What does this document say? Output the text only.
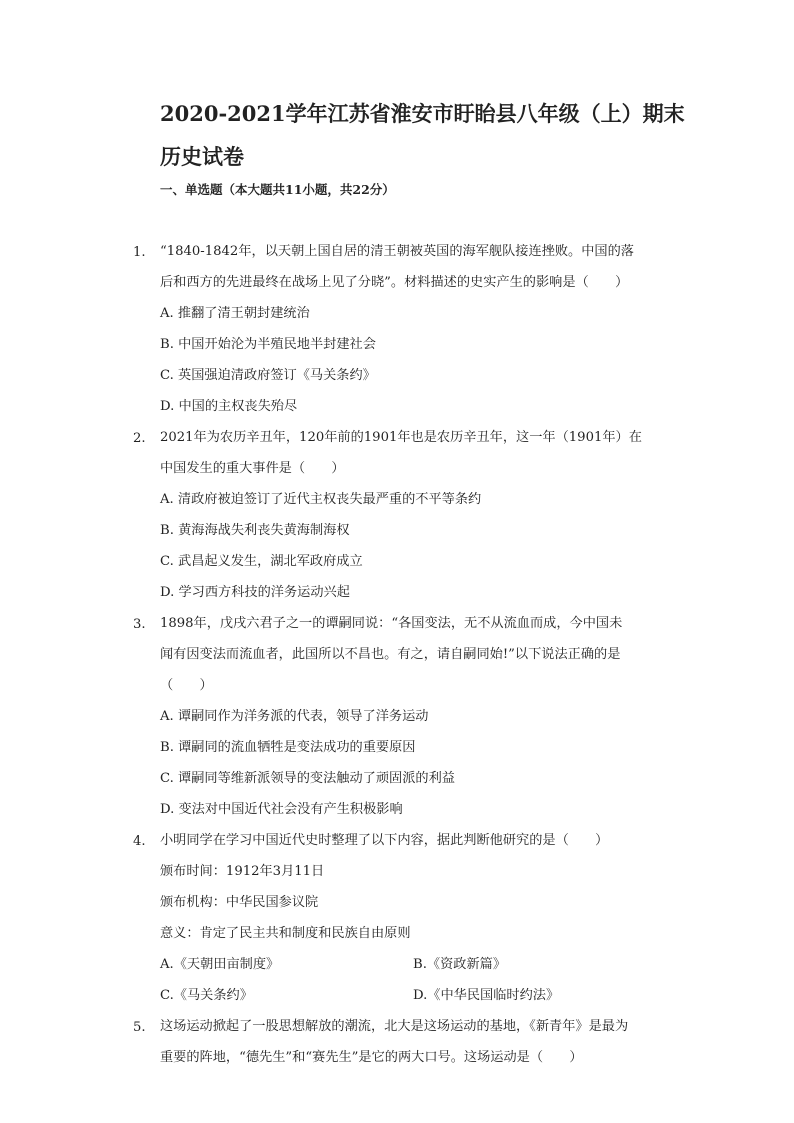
2020-2021学年江苏省淮安市盱眙县八年级（上）期末
历史试卷
一、单选题（本大题共11小题，共22分）
1. “1840-1842年，以天朝上国自居的清王朝被英国的海军舰队接连挫败。中国的落
后和西方的先进最终在战场上见了分晓”。材料描述的史实产生的影响是（　　）
A. 推翻了清王朝封建统治
B. 中国开始沦为半殖民地半封建社会
C. 英国强迫清政府签订《马关条约》
D. 中国的主权丧失殆尽
2. 2021年为农历辛丑年，120年前的1901年也是农历辛丑年，这一年（1901年）在
中国发生的重大事件是（　　）
A. 清政府被迫签订了近代主权丧失最严重的不平等条约
B. 黄海海战失利丧失黄海制海权
C. 武昌起义发生，湖北军政府成立
D. 学习西方科技的洋务运动兴起
3. 1898年，戊戌六君子之一的谭嗣同说：“各国变法，无不从流血而成，今中国未
闻有因变法而流血者，此国所以不昌也。有之，请自嗣同始!”以下说法正确的是
（　　）
A. 谭嗣同作为洋务派的代表，领导了洋务运动
B. 谭嗣同的流血牺牲是变法成功的重要原因
C. 谭嗣同等维新派领导的变法触动了顽固派的利益
D. 变法对中国近代社会没有产生积极影响
4. 小明同学在学习中国近代史时整理了以下内容，据此判断他研究的是（　　）
颁布时间：1912年3月11日
颁布机构：中华民国参议院
意义：肯定了民主共和制度和民族自由原则
A.《天朝田亩制度》	B.《资政新篇》
C.《马关条约》	D.《中华民国临时约法》
5. 这场运动掀起了一股思想解放的潮流，北大是这场运动的基地，《新青年》是最为
重要的阵地，“德先生”和“赛先生”是它的两大口号。这场运动是（　　）
